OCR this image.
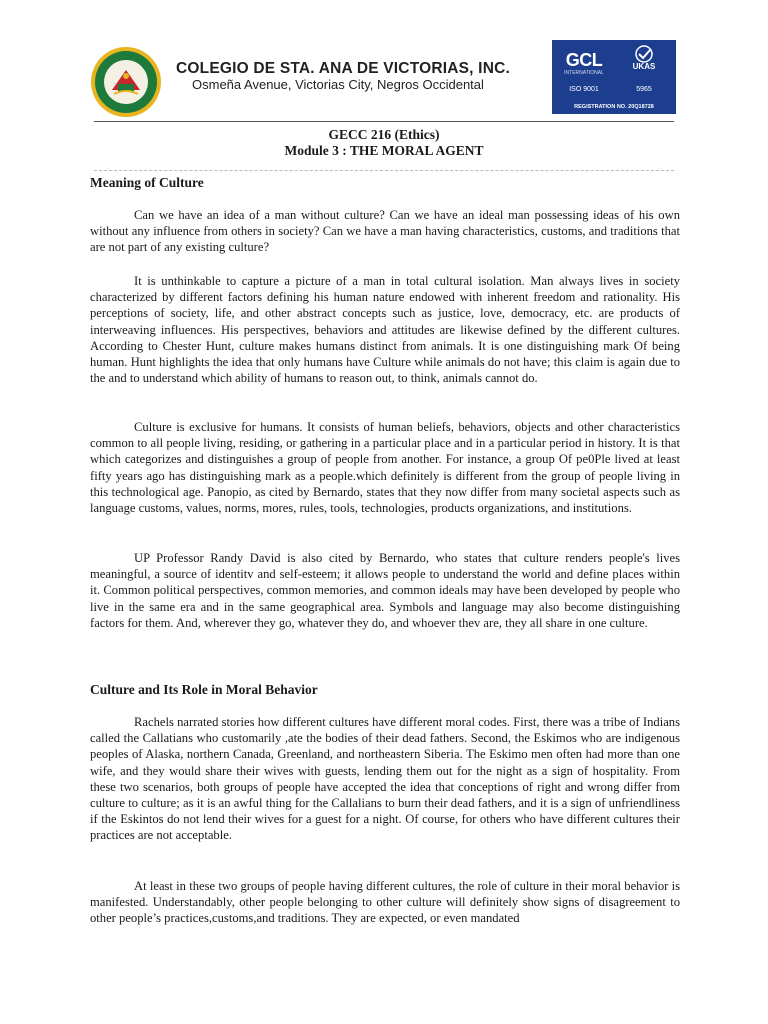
COLEGIO DE STA. ANA DE VICTORIAS, INC.
Osmeña Avenue, Victorias City, Negros Occidental
GCL
INTERNATIONAL
ISO 9001
UKAS
5965
REGISTRATION NO. 20Q18728
GECC 216 (Ethics)
Module 3 : THE MORAL AGENT
Meaning of Culture

Can we have an idea of a man without culture? Can we have an ideal man possessing ideas of his own without any influence from others in society? Can we have a man having characteristics, customs, and traditions that are not part of any existing culture?

It is unthinkable to capture a picture of a man in total cultural isolation. Man always lives in society characterized by different factors defining his human nature endowed with inherent freedom and rationality. His perceptions of society, life, and other abstract concepts such as justice, love, democracy, etc. are products of interweaving influences. His perspectives, behaviors and attitudes are likewise defined by the different cultures. According to Chester Hunt, culture makes humans distinct from animals. It is one distinguishing mark Of being human. Hunt highlights the idea that only humans have Culture while animals do not have; this claim is again due to the and to understand which ability of humans to reason out, to think, animals cannot do.

Culture is exclusive for humans. It consists of human beliefs, behaviors, objects and other characteristics common to all people living, residing, or gathering in a particular place and in a particular period in history. It is that which categorizes and distinguishes a group of people from another. For instance, a group Of pe0Ple lived at least fifty years ago has distinguishing mark as a people.which definitely is different from the group of people living in this technological age. Panopio, as cited by Bernardo, states that they now differ from many societal aspects such as language customs, values, norms, mores, rules, tools, technologies, products organizations, and institutions.

UP Professor Randy David is also cited by Bernardo, who states that culture renders people's lives meaningful, a source of identitv and self-esteem; it allows people to understand the world and define places within it. Common political perspectives, common memories, and common ideals may have been developed by people who live in the same era and in the same geographical area. Symbols and language may also become distinguishing factors for them. And, wherever they go, whatever they do, and whoever thev are, they all share in one culture.

Culture and Its Role in Moral Behavior

Rachels narrated stories how different cultures have different moral codes. First, there was a tribe of Indians called the Callatians who customarily ,ate the bodies of their dead fathers. Second, the Eskimos who are indigenous peoples of Alaska, northern Canada, Greenland, and northeastern Siberia. The Eskimo men often had more than one wife, and they would share their wives with guests, lending them out for the night as a sign of hospitality. From these two scenarios, both groups of people have accepted the idea that conceptions of right and wrong differ from culture to culture; as it is an awful thing for the Callalians to burn their dead fathers, and it is a sign of unfriendliness if the Eskintos do not lend their wives for a guest for a night. Of course, for others who have different cultures their practices are not acceptable.

At least in these two groups of people having different cultures, the role of culture in their moral behavior is manifested. Understandably, other people belonging to other culture will definitely show signs of disagreement to other people’s practices,customs,and traditions. They are expected, or even mandated
